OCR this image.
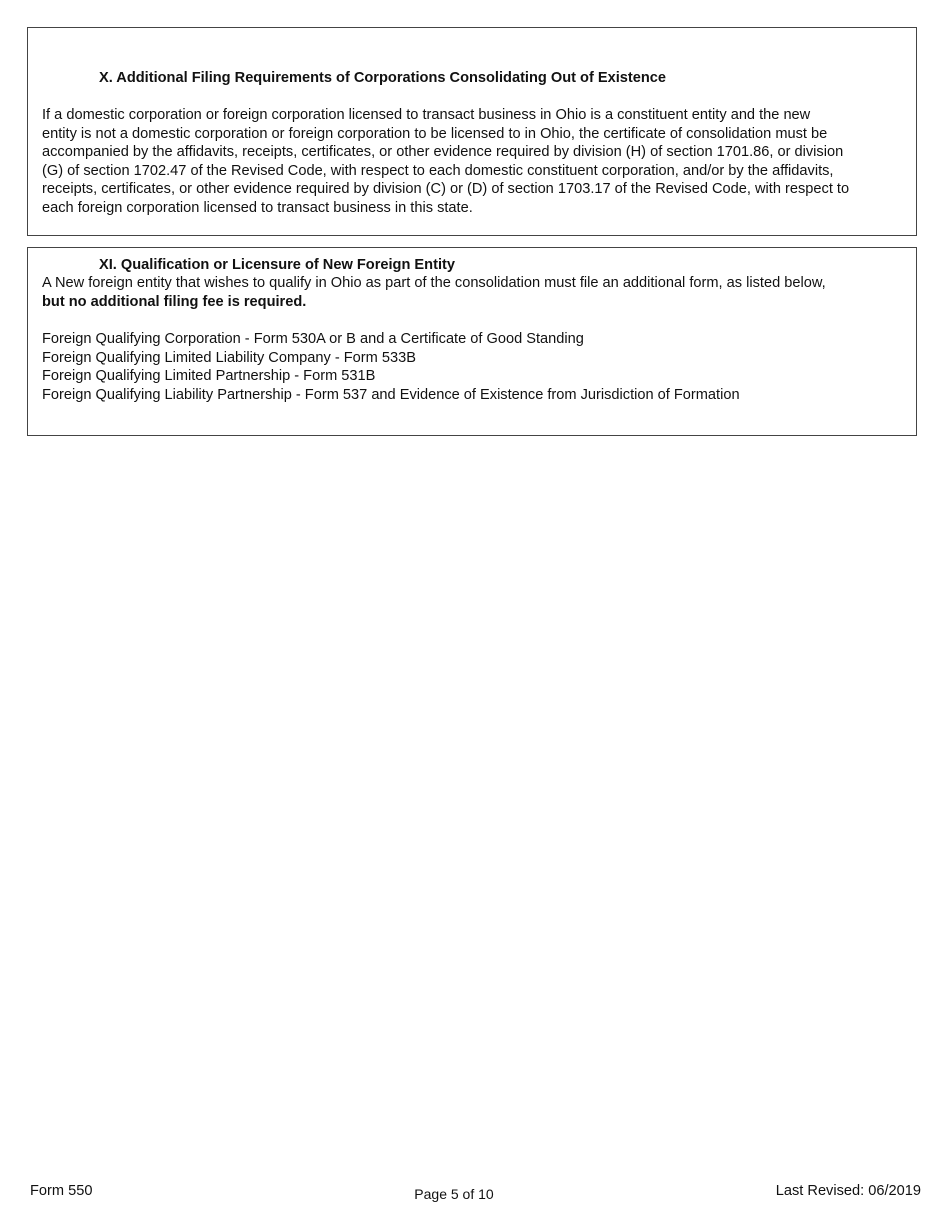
X. Additional Filing Requirements of Corporations Consolidating Out of Existence
If a domestic corporation or foreign corporation licensed to transact business in Ohio is a constituent entity and the new
entity is not a domestic corporation or foreign corporation to be licensed to in Ohio, the certificate of consolidation must be
accompanied by the affidavits, receipts, certificates, or other evidence required by division (H) of section 1701.86, or division
(G) of section 1702.47 of the Revised Code, with respect to each domestic constituent corporation, and/or by the affidavits,
receipts, certificates, or other evidence required by division (C) or (D) of section 1703.17 of the Revised Code, with respect to
each foreign corporation licensed to transact business in this state.
XI. Qualification or Licensure of New Foreign Entity
A New foreign entity that wishes to qualify in Ohio as part of the consolidation must file an additional form, as listed below,
but no additional filing fee is required.
Foreign Qualifying Corporation - Form 530A or B and a Certificate of Good Standing
Foreign Qualifying Limited Liability Company - Form 533B
Foreign Qualifying Limited Partnership - Form 531B
Foreign Qualifying Liability Partnership - Form 537 and Evidence of Existence from Jurisdiction of Formation
Form 550	Page 5 of 10	Last Revised: 06/2019
